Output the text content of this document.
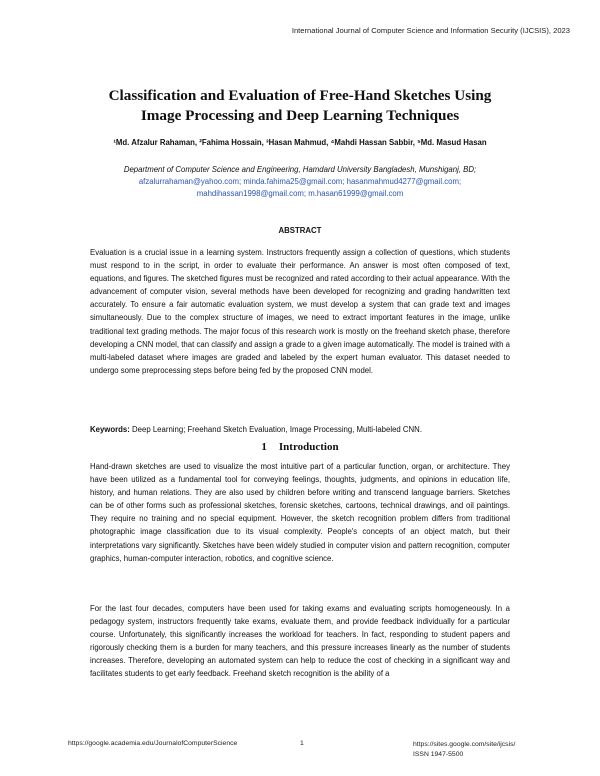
International Journal of Computer Science and Information Security (IJCSIS), 2023
Classification and Evaluation of Free-Hand Sketches Using
Image Processing and Deep Learning Techniques
¹Md. Afzalur Rahaman, ²Fahima Hossain, ³Hasan Mahmud, ⁴Mahdi Hassan Sabbir, ⁵Md. Masud Hasan
Department of Computer Science and Engineering, Hamdard University Bangladesh, Munshiganj, BD;
afzalurrahaman@yahoo.com; minda.fahima25@gmail.com; hasanmahmud4277@gmail.com;
mahdihassan1998@gmail.com; m.hasan61999@gmail.com
ABSTRACT

Evaluation is a crucial issue in a learning system. Instructors frequently assign a collection of questions, which students must respond to in the script, in order to evaluate their performance. An answer is most often composed of text, equations, and figures. The sketched figures must be recognized and rated according to their actual appearance. With the advancement of computer vision, several methods have been developed for recognizing and grading handwritten text accurately. To ensure a fair automatic evaluation system, we must develop a system that can grade text and images simultaneously. Due to the complex structure of images, we need to extract important features in the image, unlike traditional text grading methods. The major focus of this research work is mostly on the freehand sketch phase, therefore developing a CNN model, that can classify and assign a grade to a given image automatically. The model is trained with a multi-labeled dataset where images are graded and labeled by the expert human evaluator. This dataset needed to undergo some preprocessing steps before being fed by the proposed CNN model.

Keywords: Deep Learning; Freehand Sketch Evaluation, Image Processing, Multi-labeled CNN.
1 Introduction

Hand-drawn sketches are used to visualize the most intuitive part of a particular function, organ, or architecture. They have been utilized as a fundamental tool for conveying feelings, thoughts, judgments, and opinions in education life, history, and human relations. They are also used by children before writing and transcend language barriers. Sketches can be of other forms such as professional sketches, forensic sketches, cartoons, technical drawings, and oil paintings. They require no training and no special equipment. However, the sketch recognition problem differs from traditional photographic image classification due to its visual complexity. People's concepts of an object match, but their interpretations vary significantly. Sketches have been widely studied in computer vision and pattern recognition, computer graphics, human-computer interaction, robotics, and cognitive science.

For the last four decades, computers have been used for taking exams and evaluating scripts homogeneously. In a pedagogy system, instructors frequently take exams, evaluate them, and provide feedback individually for a particular course. Unfortunately, this significantly increases the workload for teachers. In fact, responding to student papers and rigorously checking them is a burden for many teachers, and this pressure increases linearly as the number of students increases. Therefore, developing an automated system can help to reduce the cost of checking in a significant way and facilitates students to get early feedback. Freehand sketch recognition is the ability of a

https://google.academia.edu/JournalofComputerScience	1	https://sites.google.com/site/ijcsis/
ISSN 1947-5500
